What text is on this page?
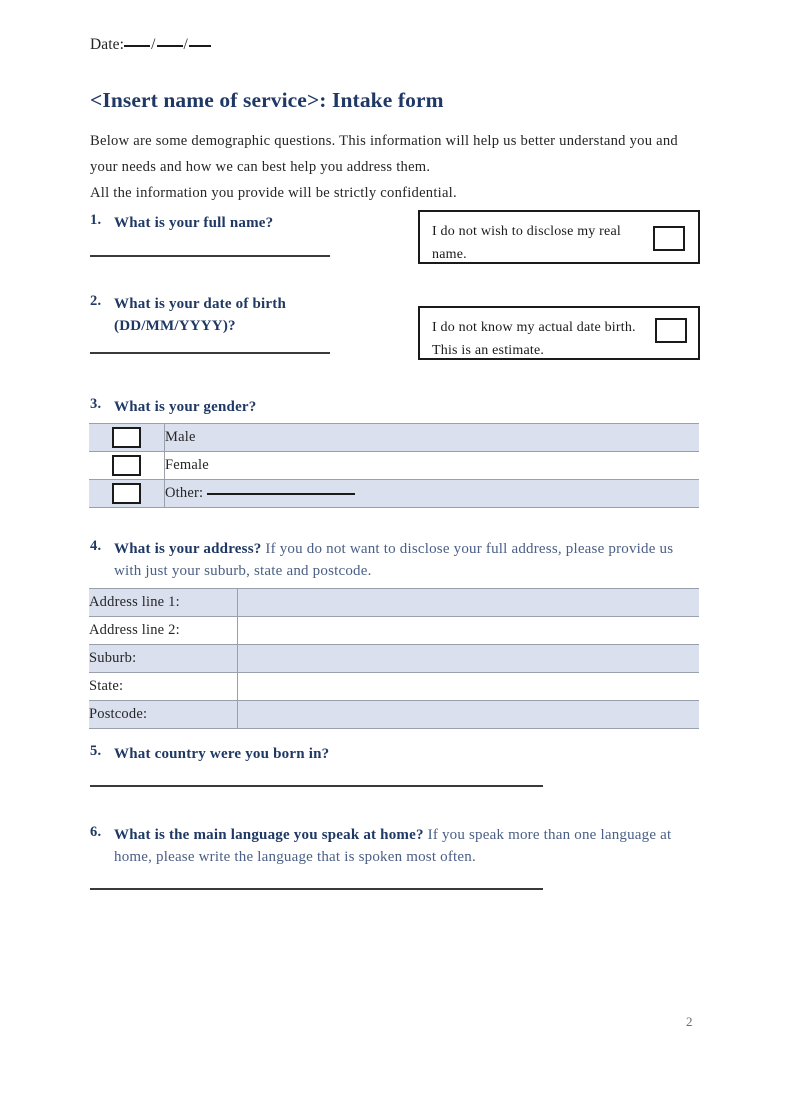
Date: / /
<Insert name of service>: Intake form
Below are some demographic questions. This information will help us better understand you and your needs and how we can best help you address them.
All the information you provide will be strictly confidential.
1. What is your full name?
I do not wish to disclose my real name.
2. What is your date of birth (DD/MM/YYYY)?	I do not know my actual date birth. This is an estimate.
3. What is your gender?
	Male
	Female
	Other:
4. What is your address? If you do not want to disclose your full address, please provide us with just your suburb, state and postcode.
Address line 1:	
Address line 2:	
Suburb:	
State:	
Postcode:	
5. What country were you born in?
6. What is the main language you speak at home? If you speak more than one language at home, please write the language that is spoken most often.
2
